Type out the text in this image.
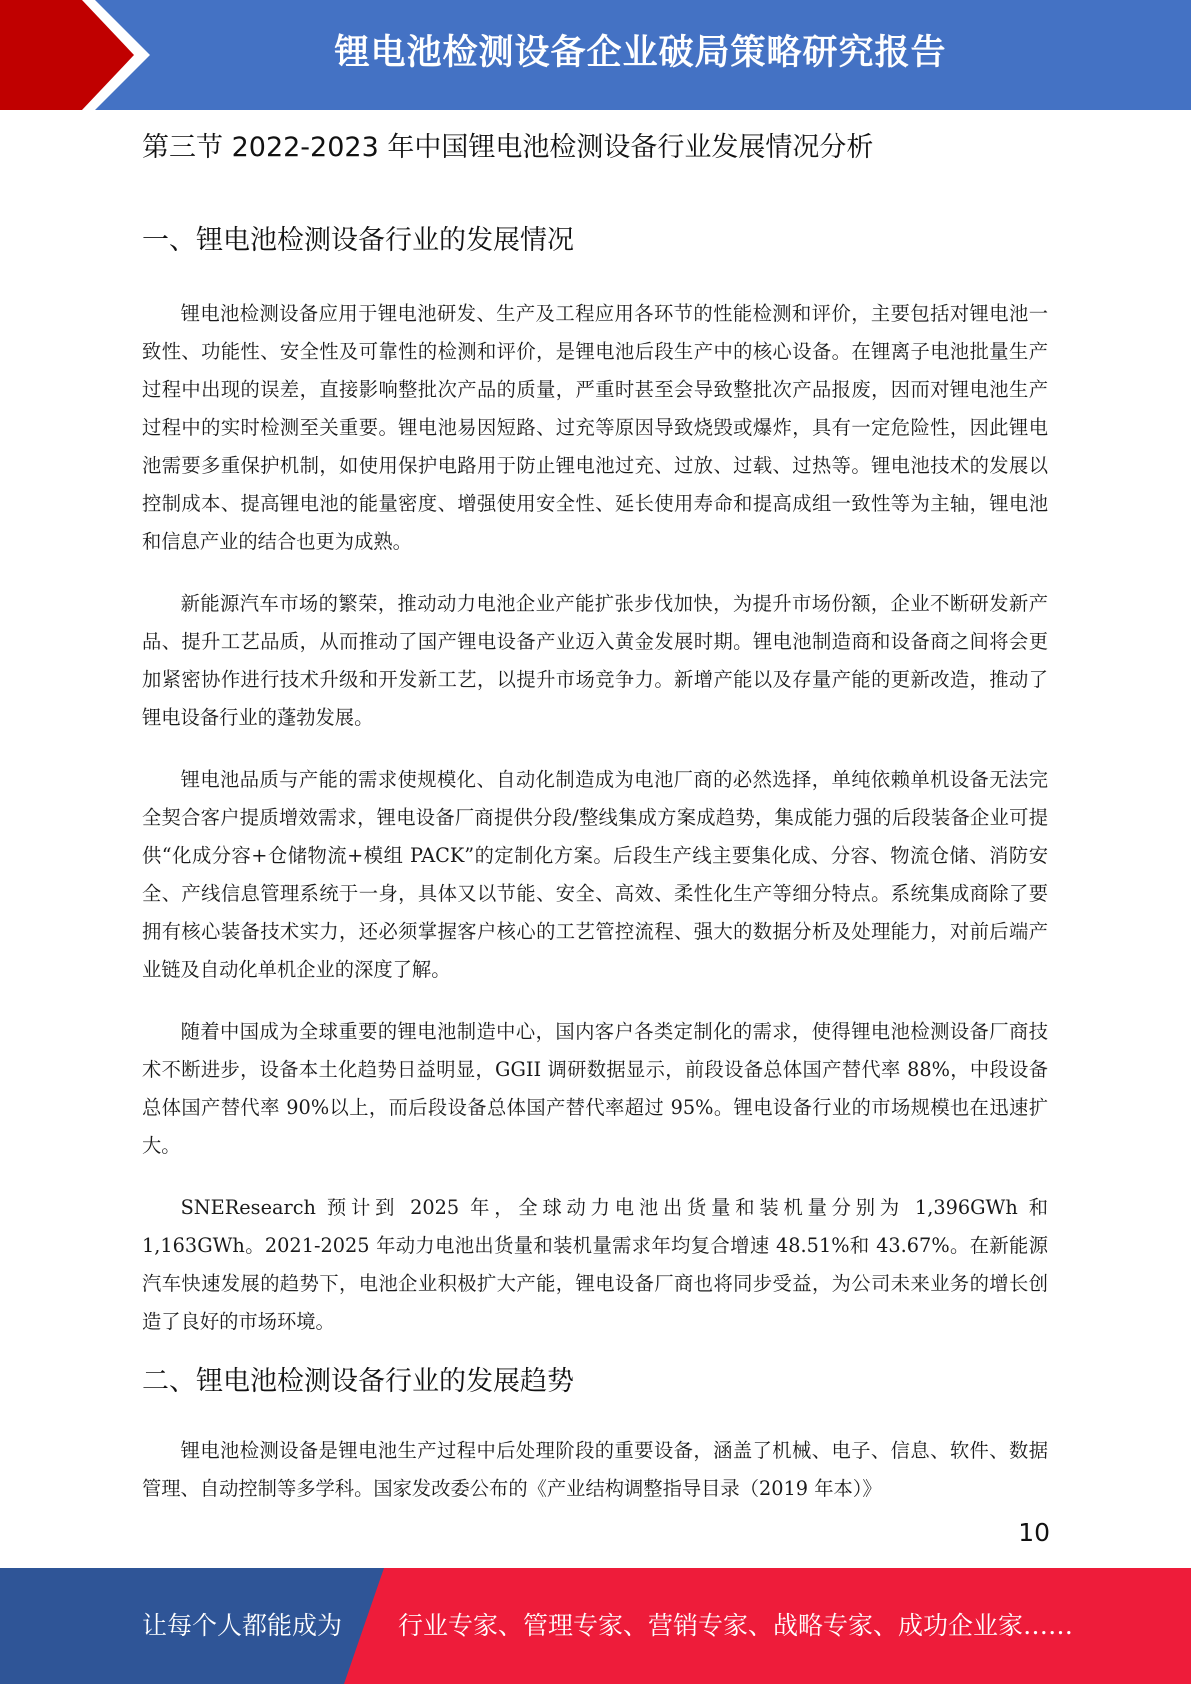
锂电池检测设备企业破局策略研究报告
第三节 2022-2023 年中国锂电池检测设备行业发展情况分析
一、锂电池检测设备行业的发展情况

锂电池检测设备应用于锂电池研发、生产及工程应用各环节的性能检测和评价，主要包括对锂电池一致性、功能性、安全性及可靠性的检测和评价，是锂电池后段生产中的核心设备。在锂离子电池批量生产过程中出现的误差，直接影响整批次产品的质量，严重时甚至会导致整批次产品报废，因而对锂电池生产过程中的实时检测至关重要。锂电池易因短路、过充等原因导致烧毁或爆炸，具有一定危险性，因此锂电池需要多重保护机制，如使用保护电路用于防止锂电池过充、过放、过载、过热等。锂电池技术的发展以控制成本、提高锂电池的能量密度、增强使用安全性、延长使用寿命和提高成组一致性等为主轴，锂电池和信息产业的结合也更为成熟。

新能源汽车市场的繁荣，推动动力电池企业产能扩张步伐加快，为提升市场份额，企业不断研发新产品、提升工艺品质，从而推动了国产锂电设备产业迈入黄金发展时期。锂电池制造商和设备商之间将会更加紧密协作进行技术升级和开发新工艺，以提升市场竞争力。新增产能以及存量产能的更新改造，推动了锂电设备行业的蓬勃发展。

锂电池品质与产能的需求使规模化、自动化制造成为电池厂商的必然选择，单纯依赖单机设备无法完全契合客户提质增效需求，锂电设备厂商提供分段/整线集成方案成趋势，集成能力强的后段装备企业可提供“化成分容+仓储物流+模组 PACK”的定制化方案。后段生产线主要集化成、分容、物流仓储、消防安全、产线信息管理系统于一身，具体又以节能、安全、高效、柔性化生产等细分特点。系统集成商除了要拥有核心装备技术实力，还必须掌握客户核心的工艺管控流程、强大的数据分析及处理能力，对前后端产业链及自动化单机企业的深度了解。

随着中国成为全球重要的锂电池制造中心，国内客户各类定制化的需求，使得锂电池检测设备厂商技术不断进步，设备本土化趋势日益明显，GGII 调研数据显示，前段设备总体国产替代率 88%，中段设备总体国产替代率 90%以上，而后段设备总体国产替代率超过 95%。锂电设备行业的市场规模也在迅速扩大。

SNEResearch 预计到 2025 年，全球动力电池出货量和装机量分别为 1,396GWh 和 1,163GWh。2021-2025 年动力电池出货量和装机量需求年均复合增速 48.51%和 43.67%。在新能源汽车快速发展的趋势下，电池企业积极扩大产能，锂电设备厂商也将同步受益，为公司未来业务的增长创造了良好的市场环境。

二、锂电池检测设备行业的发展趋势

锂电池检测设备是锂电池生产过程中后处理阶段的重要设备，涵盖了机械、电子、信息、软件、数据管理、自动控制等多学科。国家发改委公布的《产业结构调整指导目录（2019 年本）》

10
让每个人都能成为 行业专家、管理专家、营销专家、战略专家、成功企业家……
